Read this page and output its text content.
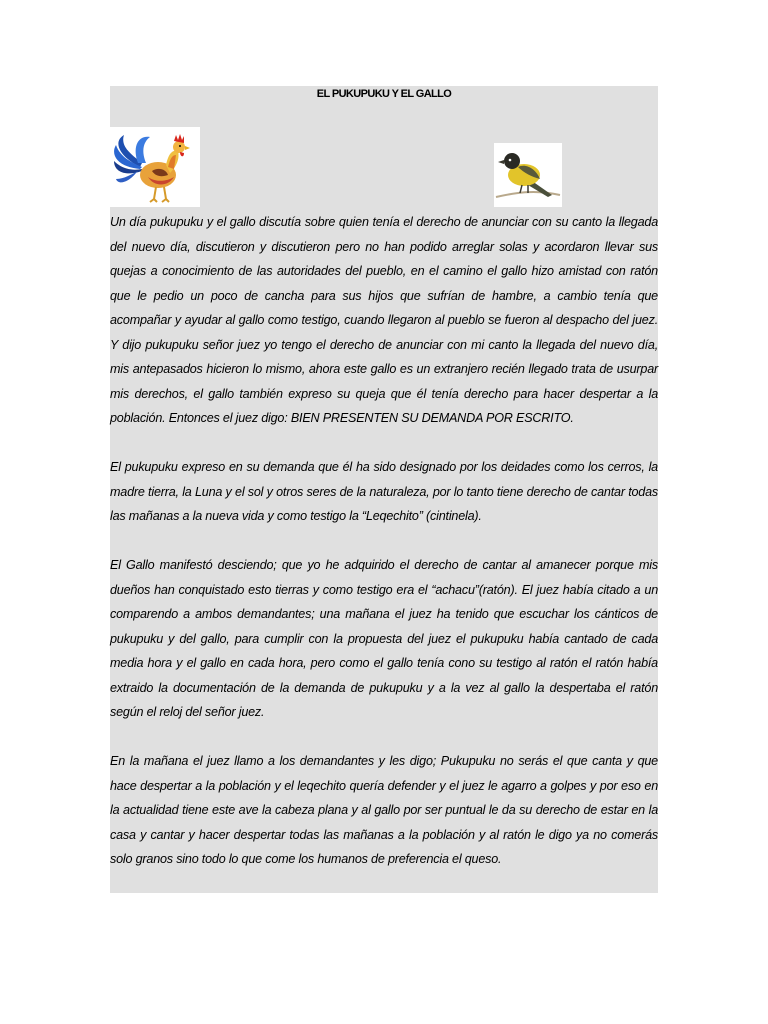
EL PUKUPUKU Y EL GALLO

Un día pukupuku y el gallo discutía sobre quien tenía el derecho de anunciar con su canto la llegada del nuevo día, discutieron y discutieron pero no han podido arreglar solas y acordaron llevar sus quejas a conocimiento de las autoridades del pueblo, en el camino el gallo hizo amistad con ratón que le pedio un poco de cancha para sus hijos que sufrían de hambre, a cambio tenía que acompañar y ayudar al gallo como testigo, cuando llegaron al pueblo se fueron al despacho del juez. Y dijo pukupuku señor juez yo tengo el derecho de anunciar con mi canto la llegada del nuevo día, mis antepasados hicieron lo mismo, ahora este gallo es un extranjero recién llegado trata de usurpar mis derechos, el gallo también expreso su queja que él tenía derecho para hacer despertar a la población. Entonces el juez digo: BIEN PRESENTEN SU DEMANDA POR ESCRITO.

El pukupuku expreso en su demanda que él ha sido designado por los deidades como los cerros, la madre tierra, la Luna y el sol y otros seres de la naturaleza, por lo tanto tiene derecho de cantar todas las mañanas a la nueva vida y como testigo la “Leqechito” (cintinela).

El Gallo manifestó desciendo; que yo he adquirido el derecho de cantar al amanecer porque mis dueños han conquistado esto tierras y como testigo era el “achacu”(ratón). El juez había citado a un comparendo a ambos demandantes; una mañana el juez ha tenido que escuchar los cánticos de pukupuku y del gallo, para cumplir con la propuesta del juez el pukupuku había cantado de cada media hora y el gallo en cada hora, pero como el gallo tenía cono su testigo al ratón el ratón había extraido la documentación de la demanda de pukupuku y a la vez al gallo la despertaba el ratón según el reloj del señor juez.

En la mañana el juez llamo a los demandantes y les digo; Pukupuku no serás el que canta y que hace despertar a la población y el leqechito quería defender y el juez le agarro a golpes y por eso en la actualidad tiene este ave la cabeza plana y al gallo por ser puntual le da su derecho de estar en la casa y cantar y hacer despertar todas las mañanas a la población y al ratón le digo ya no comerás solo granos sino todo lo que come los humanos de preferencia el queso.
